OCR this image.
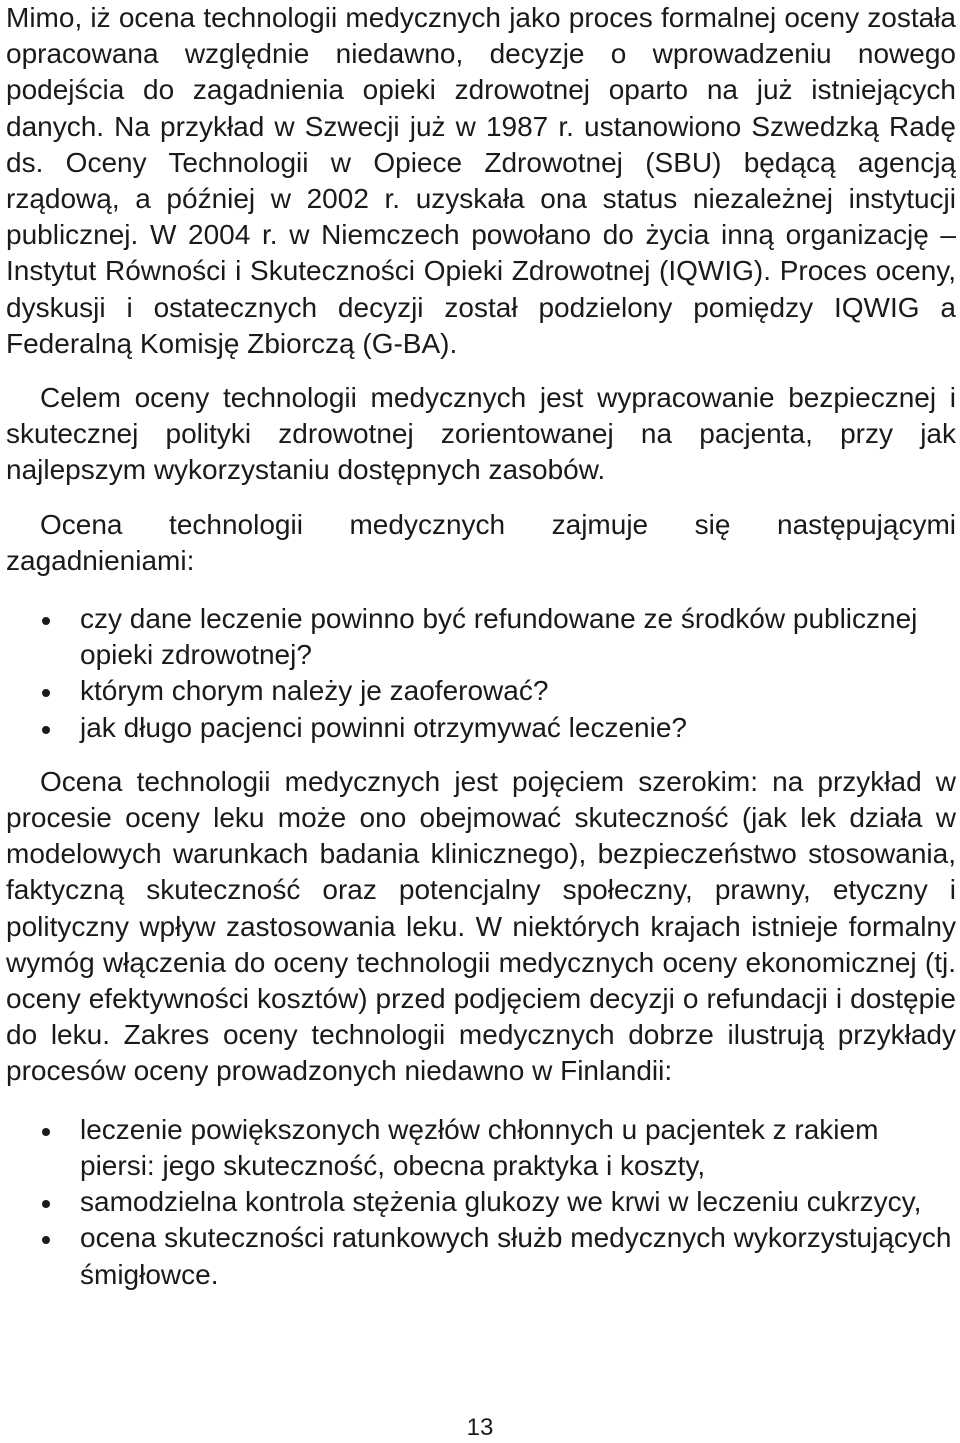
Mimo, iż ocena technologii medycznych jako proces formalnej oceny została opracowana względnie niedawno, decyzje o wprowadzeniu nowego podejścia do zagadnienia opieki zdrowotnej oparto na już istniejących danych. Na przykład w Szwecji już w 1987 r. ustanowiono Szwedzką Radę ds. Oceny Technologii w Opiece Zdrowotnej (SBU) będącą agencją rządową, a później w 2002 r. uzyskała ona status niezależnej instytucji publicznej. W 2004 r. w Niemczech powołano do życia inną organizację – Instytut Równości i Skuteczności Opieki Zdrowotnej (IQWIG). Proces oceny, dyskusji i ostatecznych decyzji został podzielony pomiędzy IQWIG a Federalną Komisję Zbiorczą (G-BA).

Celem oceny technologii medycznych jest wypracowanie bezpiecznej i skutecznej polityki zdrowotnej zorientowanej na pacjenta, przy jak najlepszym wykorzystaniu dostępnych zasobów.

Ocena technologii medycznych zajmuje się następującymi zagadnieniami:

czy dane leczenie powinno być refundowane ze środków publicznej opieki zdrowotnej?
którym chorym należy je zaoferować?
jak długo pacjenci powinni otrzymywać leczenie?

Ocena technologii medycznych jest pojęciem szerokim: na przykład w procesie oceny leku może ono obejmować skuteczność (jak lek działa w modelowych warunkach badania klinicznego), bezpieczeństwo stosowania, faktyczną skuteczność oraz potencjalny społeczny, prawny, etyczny i polityczny wpływ zastosowania leku. W niektórych krajach istnieje formalny wymóg włączenia do oceny technologii medycznych oceny ekonomicznej (tj. oceny efektywności kosztów) przed podjęciem decyzji o refundacji i dostępie do leku. Zakres oceny technologii medycznych dobrze ilustrują przykłady procesów oceny prowadzonych niedawno w Finlandii:

leczenie powiększonych węzłów chłonnych u pacjentek z rakiem piersi: jego skuteczność, obecna praktyka i koszty,
samodzielna kontrola stężenia glukozy we krwi w leczeniu cukrzycy,
ocena skuteczności ratunkowych służb medycznych wykorzystujących śmigłowce.
13
